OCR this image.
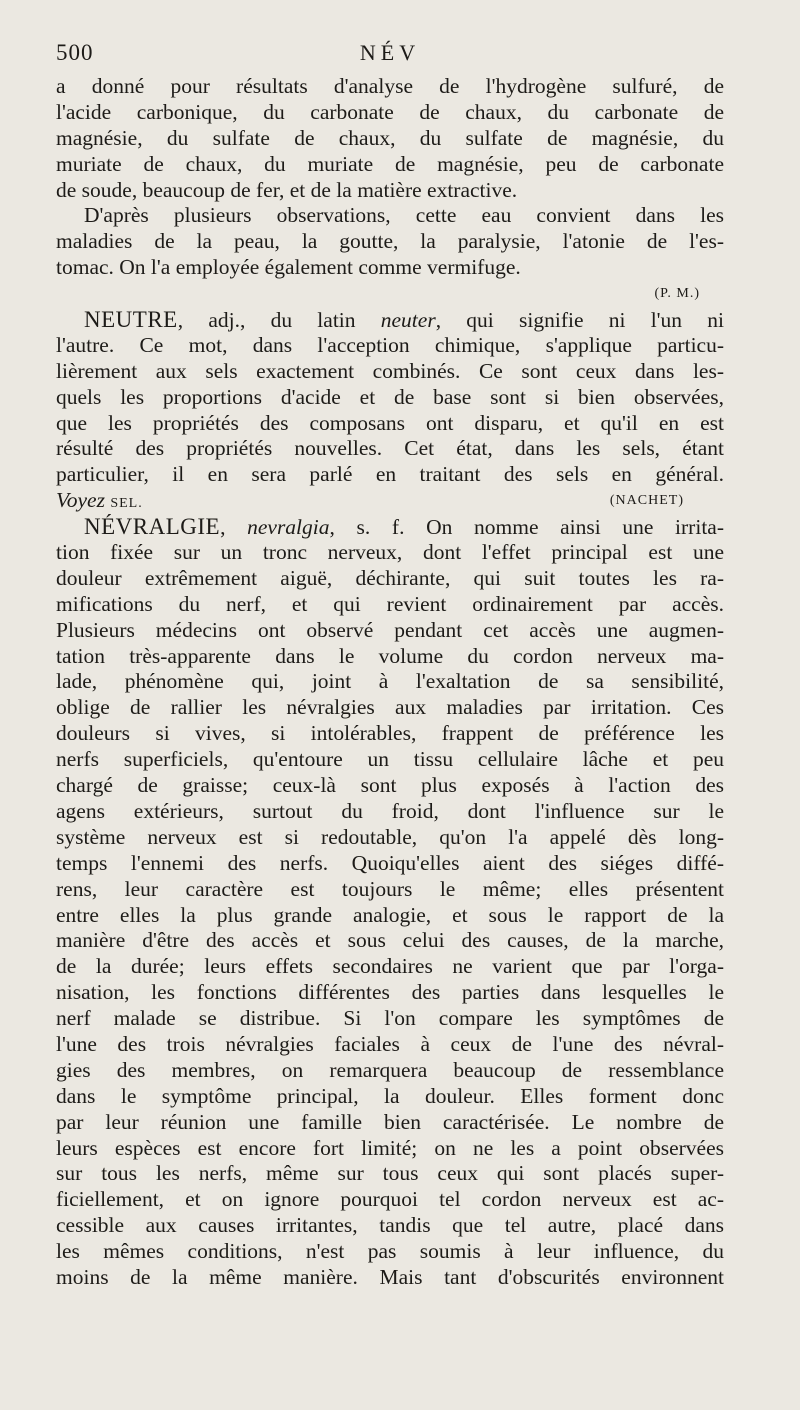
500	NÉV
a donné pour résultats d'analyse de l'hydrogène sulfuré, de
l'acide carbonique, du carbonate de chaux, du carbonate de
magnésie, du sulfate de chaux, du sulfate de magnésie, du
muriate de chaux, du muriate de magnésie, peu de carbonate
de soude, beaucoup de fer, et de la matière extractive.
D'après plusieurs observations, cette eau convient dans les
maladies de la peau, la goutte, la paralysie, l'atonie de l'es-
tomac. On l'a employée également comme vermifuge.
(P. M.)
NEUTRE, adj., du latin neuter, qui signifie ni l'un ni
l'autre. Ce mot, dans l'acception chimique, s'applique particu-
lièrement aux sels exactement combinés. Ce sont ceux dans les-
quels les proportions d'acide et de base sont si bien observées,
que les propriétés des composans ont disparu, et qu'il en est
résulté des propriétés nouvelles. Cet état, dans les sels, étant
particulier, il en sera parlé en traitant des sels en général.
Voyez SEL.	(NACHET)
NÉVRALGIE, nevralgia, s. f. On nomme ainsi une irrita-
tion fixée sur un tronc nerveux, dont l'effet principal est une
douleur extrêmement aiguë, déchirante, qui suit toutes les ra-
mifications du nerf, et qui revient ordinairement par accès.
Plusieurs médecins ont observé pendant cet accès une augmen-
tation très-apparente dans le volume du cordon nerveux ma-
lade, phénomène qui, joint à l'exaltation de sa sensibilité,
oblige de rallier les névralgies aux maladies par irritation. Ces
douleurs si vives, si intolérables, frappent de préférence les
nerfs superficiels, qu'entoure un tissu cellulaire lâche et peu
chargé de graisse; ceux-là sont plus exposés à l'action des
agens extérieurs, surtout du froid, dont l'influence sur le
système nerveux est si redoutable, qu'on l'a appelé dès long-
temps l'ennemi des nerfs. Quoiqu'elles aient des siéges diffé-
rens, leur caractère est toujours le même; elles présentent
entre elles la plus grande analogie, et sous le rapport de la
manière d'être des accès et sous celui des causes, de la marche,
de la durée; leurs effets secondaires ne varient que par l'orga-
nisation, les fonctions différentes des parties dans lesquelles le
nerf malade se distribue. Si l'on compare les symptômes de
l'une des trois névralgies faciales à ceux de l'une des névral-
gies des membres, on remarquera beaucoup de ressemblance
dans le symptôme principal, la douleur. Elles forment donc
par leur réunion une famille bien caractérisée. Le nombre de
leurs espèces est encore fort limité; on ne les a point observées
sur tous les nerfs, même sur tous ceux qui sont placés super-
ficiellement, et on ignore pourquoi tel cordon nerveux est ac-
cessible aux causes irritantes, tandis que tel autre, placé dans
les mêmes conditions, n'est pas soumis à leur influence, du
moins de la même manière. Mais tant d'obscurités environnent
